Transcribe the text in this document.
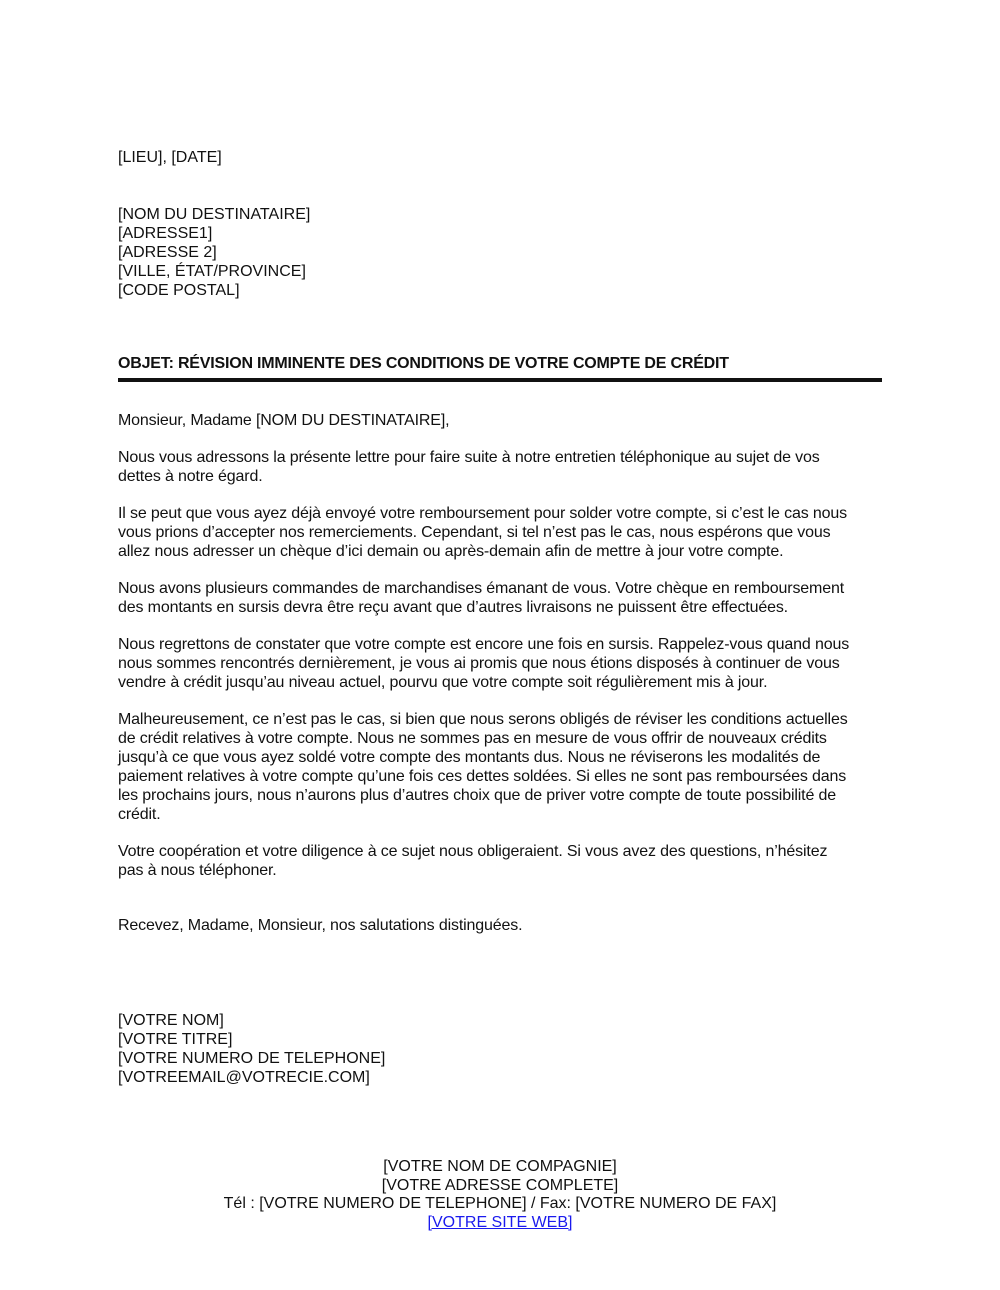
[LIEU], [DATE]
[NOM DU DESTINATAIRE]
[ADRESSE1]
[ADRESSE 2]
[VILLE, ÉTAT/PROVINCE]
[CODE POSTAL]
OBJET: RÉVISION IMMINENTE DES CONDITIONS DE VOTRE COMPTE DE CRÉDIT
Monsieur, Madame [NOM DU DESTINATAIRE],
Nous vous adressons la présente lettre pour faire suite à notre entretien téléphonique au sujet de vos
dettes à notre égard.
Il se peut que vous ayez déjà envoyé votre remboursement pour solder votre compte, si c’est le cas nous
vous prions d’accepter nos remerciements. Cependant, si tel n’est pas le cas, nous espérons que vous
allez nous adresser un chèque d’ici demain ou après-demain afin de mettre à jour votre compte.
Nous avons plusieurs commandes de marchandises émanant de vous. Votre chèque en remboursement
des montants en sursis devra être reçu avant que d’autres livraisons ne puissent être effectuées.
Nous regrettons de constater que votre compte est encore une fois en sursis. Rappelez-vous quand nous
nous sommes rencontrés dernièrement, je vous ai promis que nous étions disposés à continuer de vous
vendre à crédit jusqu’au niveau actuel, pourvu que votre compte soit régulièrement mis à jour.
Malheureusement, ce n’est pas le cas, si bien que nous serons obligés de réviser les conditions actuelles
de crédit relatives à votre compte. Nous ne sommes pas en mesure de vous offrir de nouveaux crédits
jusqu’à ce que vous ayez soldé votre compte des montants dus. Nous ne réviserons les modalités de
paiement relatives à votre compte qu’une fois ces dettes soldées. Si elles ne sont pas remboursées dans
les prochains jours, nous n’aurons plus d’autres choix que de priver votre compte de toute possibilité de
crédit.
Votre coopération et votre diligence à ce sujet nous obligeraient. Si vous avez des questions, n’hésitez
pas à nous téléphoner.
Recevez, Madame, Monsieur, nos salutations distinguées.
[VOTRE NOM]
[VOTRE TITRE]
[VOTRE NUMERO DE TELEPHONE]
[VOTREEMAIL@VOTRECIE.COM]
[VOTRE NOM DE COMPAGNIE]
[VOTRE ADRESSE COMPLETE]
Tél : [VOTRE NUMERO DE TELEPHONE] / Fax: [VOTRE NUMERO DE FAX]
[VOTRE SITE WEB]
